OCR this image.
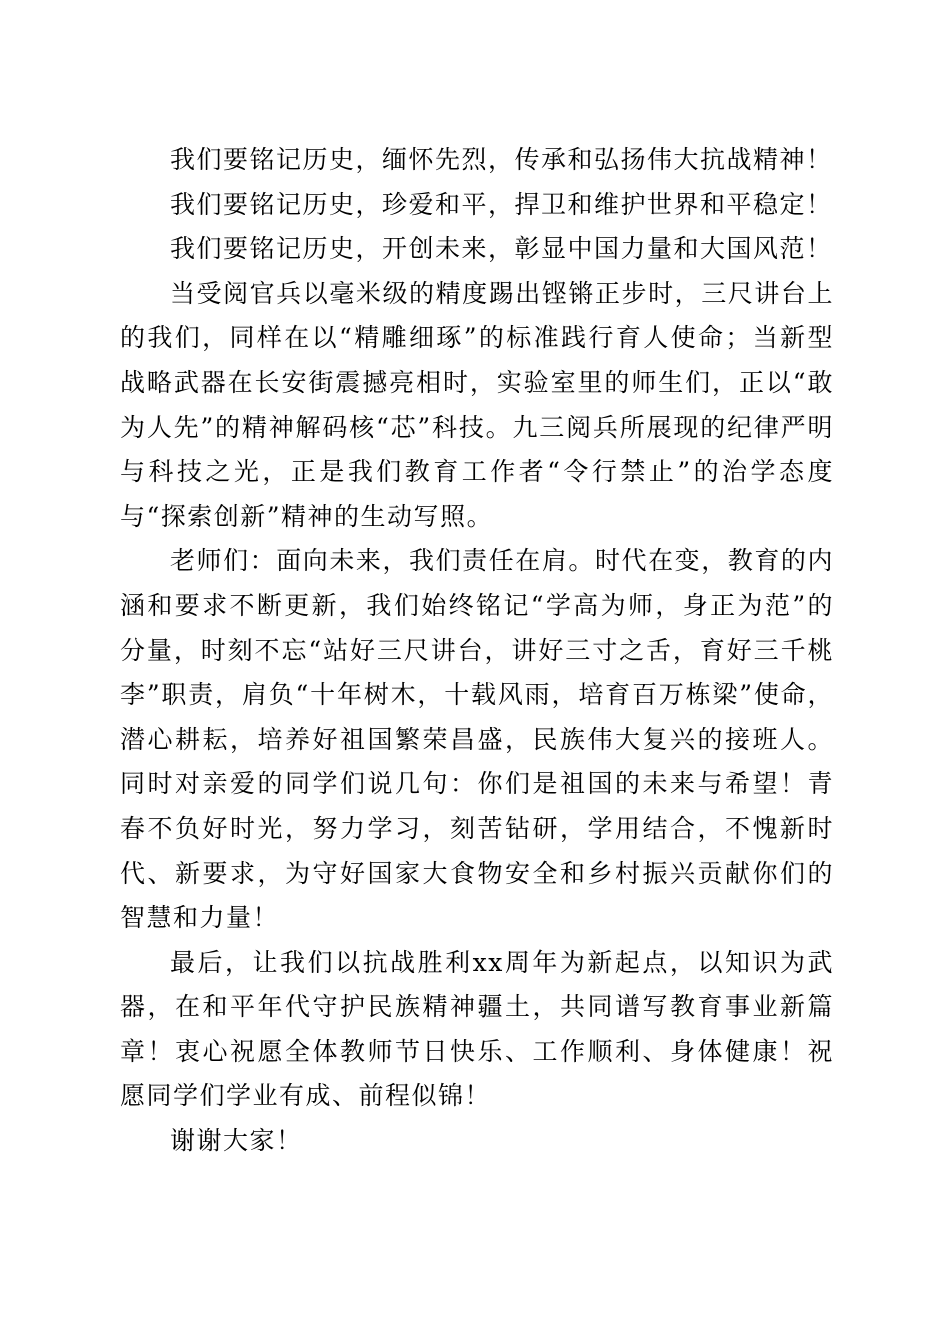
我们要铭记历史，缅怀先烈，传承和弘扬伟大抗战精神！

我们要铭记历史，珍爱和平，捍卫和维护世界和平稳定！

我们要铭记历史，开创未来，彰显中国力量和大国风范！

当受阅官兵以毫米级的精度踢出铿锵正步时，三尺讲台上的我们，同样在以“精雕细琢”的标准践行育人使命；当新型战略武器在长安街震撼亮相时，实验室里的师生们，正以“敢为人先”的精神解码核“芯”科技。九三阅兵所展现的纪律严明与科技之光，正是我们教育工作者“令行禁止”的治学态度与“探索创新”精神的生动写照。

老师们：面向未来，我们责任在肩。时代在变，教育的内涵和要求不断更新，我们始终铭记“学高为师，身正为范”的分量，时刻不忘“站好三尺讲台，讲好三寸之舌，育好三千桃李”职责，肩负“十年树木，十载风雨，培育百万栋梁”使命，潜心耕耘，培养好祖国繁荣昌盛，民族伟大复兴的接班人。同时对亲爱的同学们说几句：你们是祖国的未来与希望！青春不负好时光，努力学习，刻苦钻研，学用结合，不愧新时代、新要求，为守好国家大食物安全和乡村振兴贡献你们的智慧和力量！

最后，让我们以抗战胜利xx周年为新起点，以知识为武器，在和平年代守护民族精神疆土，共同谱写教育事业新篇章！衷心祝愿全体教师节日快乐、工作顺利、身体健康！祝愿同学们学业有成、前程似锦！

谢谢大家！
